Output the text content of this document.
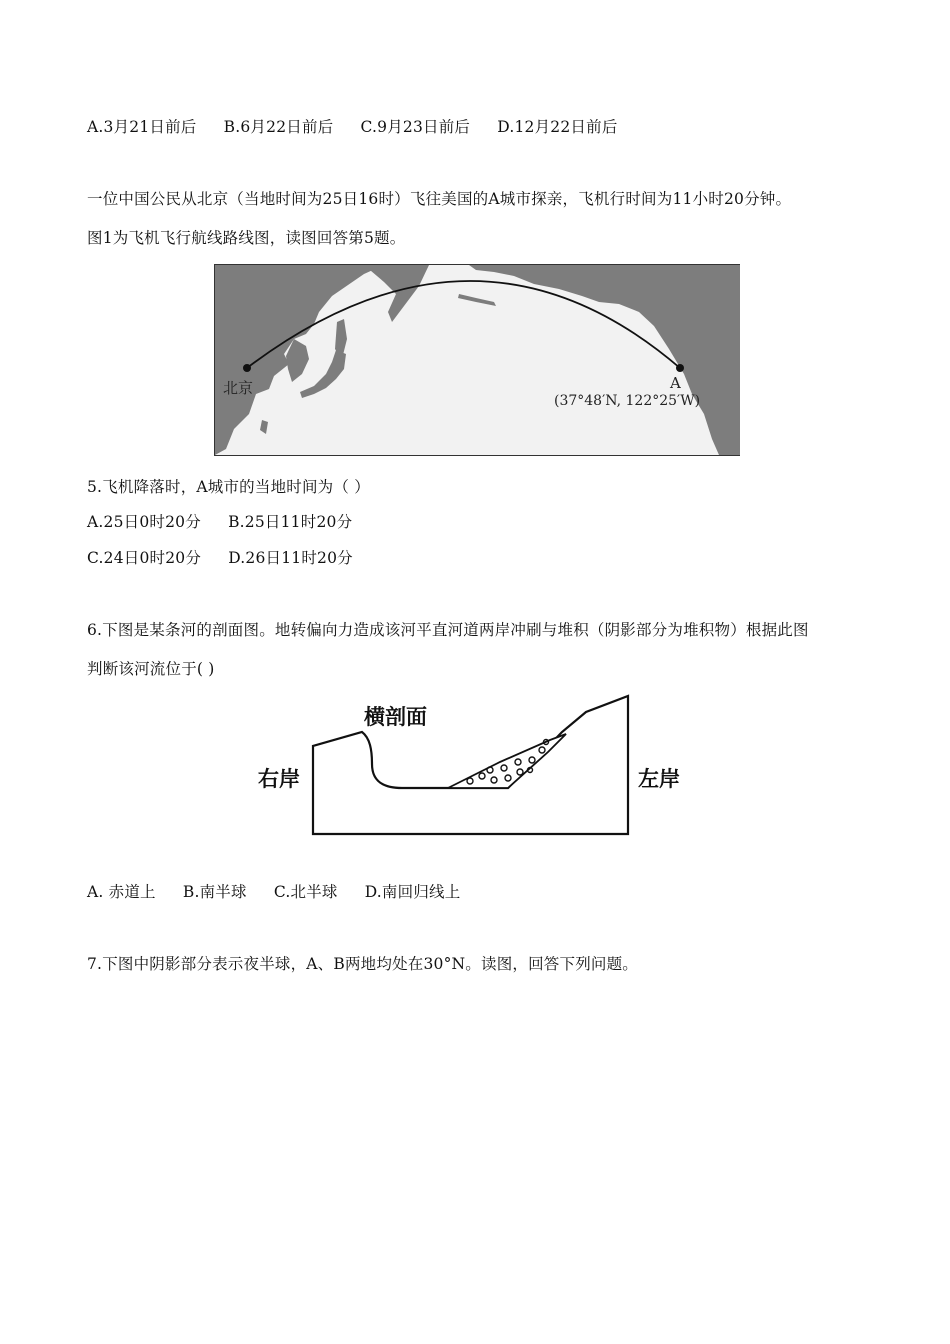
A.3月21日前后 B.6月22日前后 C.9月23日前后 D.12月22日前后
一位中国公民从北京（当地时间为25日16时）飞往美国的A城市探亲，飞机行时间为11小时20分钟。
图1为飞机飞行航线路线图，读图回答第5题。
北京	A
(37°48′N, 122°25′W)
5.飞机降落时，A城市的当地时间为（ ）
A.25日0时20分 B.25日11时20分
C.24日0时20分 D.26日11时20分
6.下图是某条河的剖面图。地转偏向力造成该河平直河道两岸冲刷与堆积（阴影部分为堆积物）根据此图
判断该河流位于( )
横剖面
右岸	左岸
A. 赤道上 B.南半球 C.北半球 D.南回归线上
7.下图中阴影部分表示夜半球，A、B两地均处在30°N。读图，回答下列问题。
